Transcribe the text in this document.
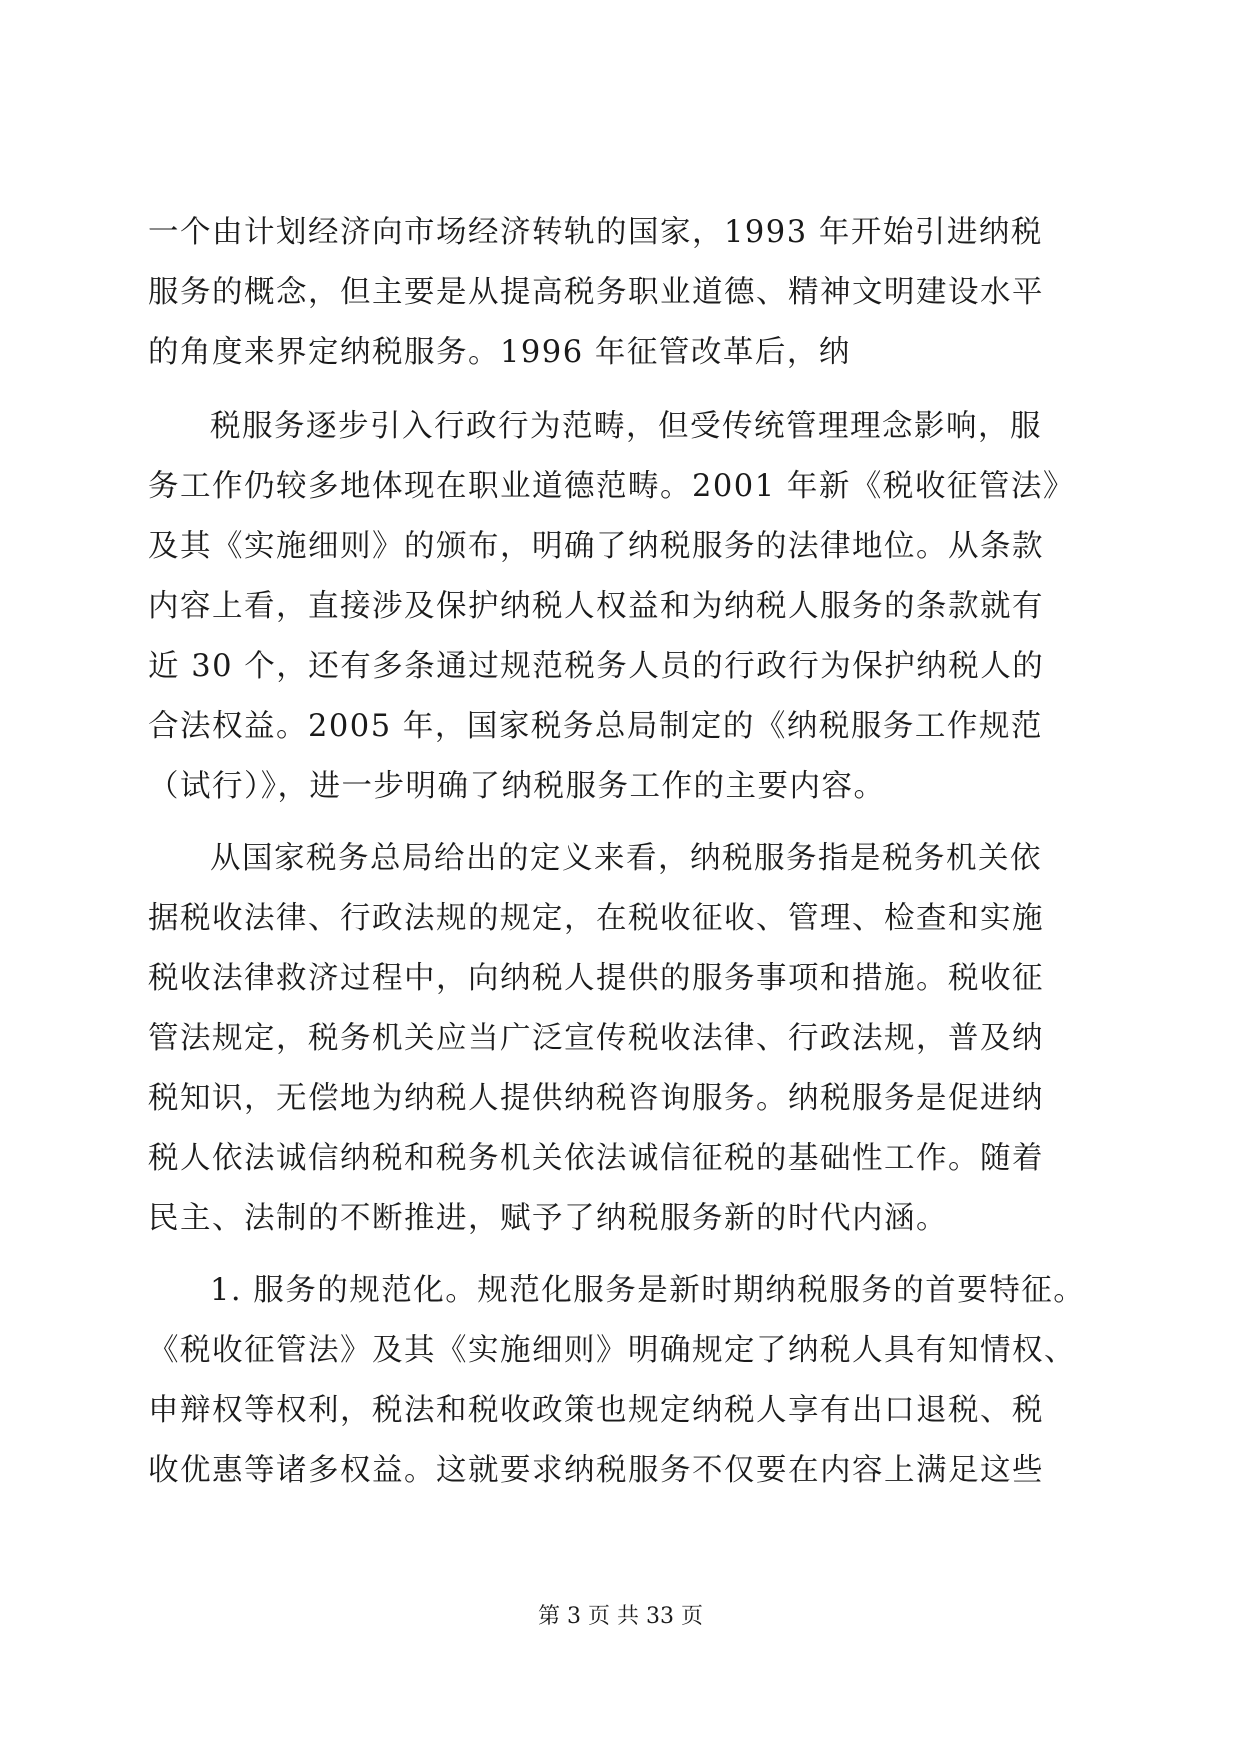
一个由计划经济向市场经济转轨的国家，1993 年开始引进纳税
服务的概念，但主要是从提高税务职业道德、精神文明建设水平
的角度来界定纳税服务。1996 年征管改革后，纳
税服务逐步引入行政行为范畴，但受传统管理理念影响，服
务工作仍较多地体现在职业道德范畴。2001 年新《税收征管法》
及其《实施细则》的颁布，明确了纳税服务的法律地位。从条款
内容上看，直接涉及保护纳税人权益和为纳税人服务的条款就有
近 30 个，还有多条通过规范税务人员的行政行为保护纳税人的
合法权益。2005 年，国家税务总局制定的《纳税服务工作规范
（试行）》，进一步明确了纳税服务工作的主要内容。
从国家税务总局给出的定义来看，纳税服务指是税务机关依
据税收法律、行政法规的规定，在税收征收、管理、检查和实施
税收法律救济过程中，向纳税人提供的服务事项和措施。税收征
管法规定，税务机关应当广泛宣传税收法律、行政法规，普及纳
税知识，无偿地为纳税人提供纳税咨询服务。纳税服务是促进纳
税人依法诚信纳税和税务机关依法诚信征税的基础性工作。随着
民主、法制的不断推进，赋予了纳税服务新的时代内涵。
1. 服务的规范化。规范化服务是新时期纳税服务的首要特征。
《税收征管法》及其《实施细则》明确规定了纳税人具有知情权、
申辩权等权利，税法和税收政策也规定纳税人享有出口退税、税
收优惠等诸多权益。这就要求纳税服务不仅要在内容上满足这些
第 3 页 共 33 页
